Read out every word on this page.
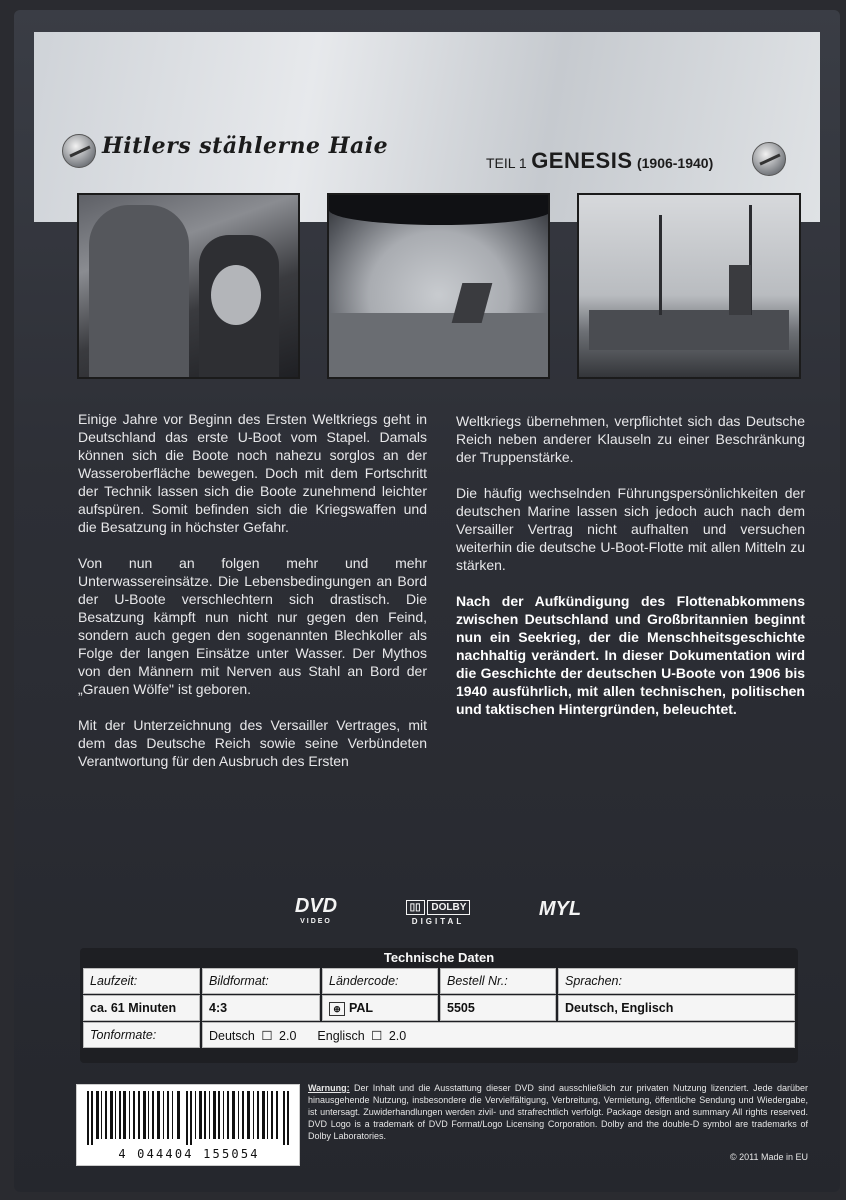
Hitlers stählerne Haie
TEIL 1 GENESIS (1906-1940)

Einige Jahre vor Beginn des Ersten Weltkriegs geht in Deutschland das erste U-Boot vom Stapel. Damals können sich die Boote noch nahezu sorglos an der Wasseroberfläche bewegen. Doch mit dem Fortschritt der Technik lassen sich die Boote zunehmend leichter aufspüren. Somit befinden sich die Kriegswaffen und die Besatzung in höchster Gefahr.

Von nun an folgen mehr und mehr Unterwassereinsätze. Die Lebensbedingungen an Bord der U-Boote verschlechtern sich drastisch. Die Besatzung kämpft nun nicht nur gegen den Feind, sondern auch gegen den sogenannten Blechkoller als Folge der langen Einsätze unter Wasser. Der Mythos von den Männern mit Nerven aus Stahl an Bord der „Grauen Wölfe" ist geboren.

Mit der Unterzeichnung des Versailler Vertrages, mit dem das Deutsche Reich sowie seine Verbündeten Verantwortung für den Ausbruch des Ersten

Weltkriegs übernehmen, verpflichtet sich das Deutsche Reich neben anderer Klauseln zu einer Beschränkung der Truppenstärke.

Die häufig wechselnden Führungspersönlichkeiten der deutschen Marine lassen sich jedoch auch nach dem Versailler Vertrag nicht aufhalten und versuchen weiterhin die deutsche U-Boot-Flotte mit allen Mitteln zu stärken.

Nach der Aufkündigung des Flottenabkommens zwischen Deutschland und Großbritannien beginnt nun ein Seekrieg, der die Menschheitsgeschichte nachhaltig verändert. In dieser Dokumentation wird die Geschichte der deutschen U-Boote von 1906 bis 1940 ausführlich, mit allen technischen, politischen und taktischen Hintergründen, beleuchtet.

DVD
VIDEO
▯▯ DOLBY
DIGITAL
MYL
Technische Daten
Laufzeit:	Bildformat:	Ländercode:	Bestell Nr.:	Sprachen:
ca. 61 Minuten	4:3	⊕ PAL	5505	Deutsch, Englisch
Tonformate:	Deutsch ☐ 2.0 Englisch ☐ 2.0
4 044404 155054
Warnung: Der Inhalt und die Ausstattung dieser DVD sind ausschließlich zur privaten Nutzung lizenziert. Jede darüber hinausgehende Nutzung, insbesondere die Vervielfältigung, Verbreitung, Vermietung, öffentliche Sendung und Wiedergabe, ist untersagt. Zuwiderhandlungen werden zivil- und strafrechtlich verfolgt. Package design and summary All rights reserved. DVD Logo is a trademark of DVD Format/Logo Licensing Corporation. Dolby and the double-D symbol are trademarks of Dolby Laboratories.
© 2011 Made in EU
